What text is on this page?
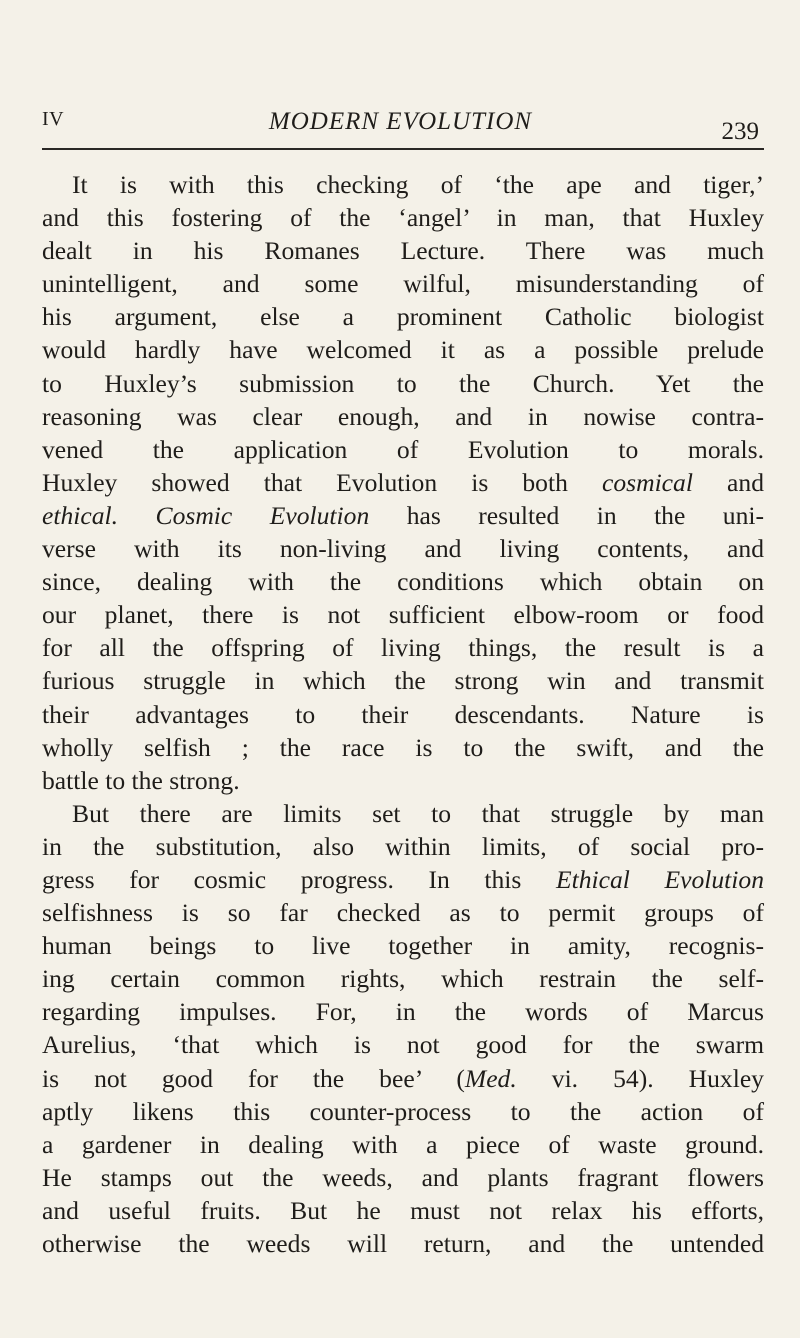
IV	MODERN EVOLUTION	239
It is with this checking of ‘the ape and tiger,’
and this fostering of the ‘angel’ in man, that Huxley
dealt in his Romanes Lecture. There was much
unintelligent, and some wilful, misunderstanding of
his argument, else a prominent Catholic biologist
would hardly have welcomed it as a possible prelude
to Huxley’s submission to the Church. Yet the
reasoning was clear enough, and in nowise contra-
vened the application of Evolution to morals.
Huxley showed that Evolution is both cosmical and
ethical. Cosmic Evolution has resulted in the uni-
verse with its non-living and living contents, and
since, dealing with the conditions which obtain on
our planet, there is not sufficient elbow-room or food
for all the offspring of living things, the result is a
furious struggle in which the strong win and transmit
their advantages to their descendants. Nature is
wholly selfish ; the race is to the swift, and the
battle to the strong.
But there are limits set to that struggle by man
in the substitution, also within limits, of social pro-
gress for cosmic progress. In this Ethical Evolution
selfishness is so far checked as to permit groups of
human beings to live together in amity, recognis-
ing certain common rights, which restrain the self-
regarding impulses. For, in the words of Marcus
Aurelius, ‘that which is not good for the swarm
is not good for the bee’ (Med. vi. 54). Huxley
aptly likens this counter-process to the action of
a gardener in dealing with a piece of waste ground.
He stamps out the weeds, and plants fragrant flowers
and useful fruits. But he must not relax his efforts,
otherwise the weeds will return, and the untended
